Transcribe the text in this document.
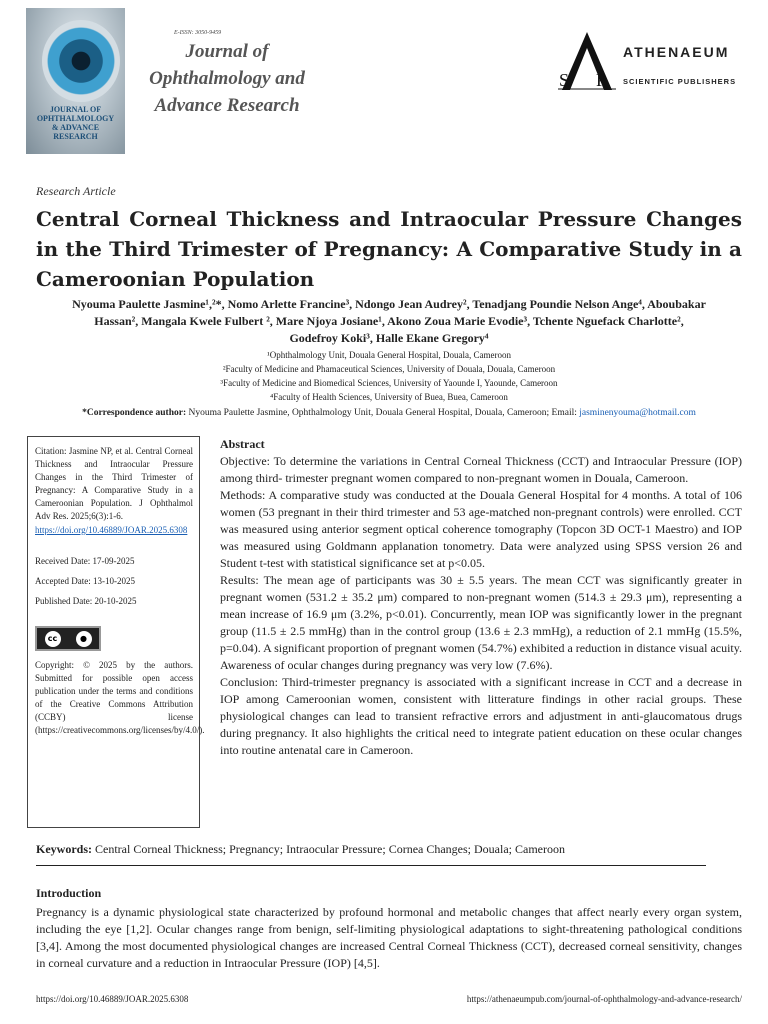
JOURNAL OF
OPHTHALMOLOGY
& ADVANCE
RESEARCH
E-ISSN: 3050-9459
Journal of
Ophthalmology and
Advance Research
S P
ATHENAEUM
SCIENTIFIC PUBLISHERS
Research Article
Central Corneal Thickness and Intraocular Pressure Changes in the Third Trimester of Pregnancy: A Comparative Study in a Cameroonian Population
Nyouma Paulette Jasmine¹,²*, Nomo Arlette Francine³, Ndongo Jean Audrey², Tenadjang Poundie Nelson Ange⁴, Aboubakar
Hassan², Mangala Kwele Fulbert ², Mare Njoya Josiane¹, Akono Zoua Marie Evodie³, Tchente Nguefack Charlotte²,
Godefroy Koki³, Halle Ekane Gregory⁴
¹Ophthalmology Unit, Douala General Hospital, Douala, Cameroon
²Faculty of Medicine and Phamaceutical Sciences, University of Douala, Douala, Cameroon
³Faculty of Medicine and Biomedical Sciences, University of Yaounde I, Yaounde, Cameroon
⁴Faculty of Health Sciences, University of Buea, Buea, Cameroon
*Correspondence author: Nyouma Paulette Jasmine, Ophthalmology Unit, Douala General Hospital, Douala, Cameroon; Email: jasminenyouma@hotmail.com
Citation: Jasmine NP, et al. Central Corneal Thickness and Intraocular Pressure Changes in the Third Trimester of Pregnancy: A Comparative Study in a Cameroonian Population. J Ophthalmol Adv Res. 2025;6(3):1-6.
https://doi.org/10.46889/JOAR.2025.6308
Received Date: 17-09-2025
Accepted Date: 13-10-2025
Published Date: 20-10-2025
cc	●
Copyright: © 2025 by the authors. Submitted for possible open access publication under the terms and conditions of the Creative Commons Attribution (CCBY) license (https://creativecommons.org/licenses/by/4.0/).
Abstract

Objective: To determine the variations in Central Corneal Thickness (CCT) and Intraocular Pressure (IOP) among third- trimester pregnant women compared to non-pregnant women in Douala, Cameroon.

Methods: A comparative study was conducted at the Douala General Hospital for 4 months. A total of 106 women (53 pregnant in their third trimester and 53 age-matched non-pregnant controls) were enrolled. CCT was measured using anterior segment optical coherence tomography (Topcon 3D OCT-1 Maestro) and IOP was measured using Goldmann applanation tonometry. Data were analyzed using SPSS version 26 and Student t-test with statistical significance set at p<0.05.

Results: The mean age of participants was 30 ± 5.5 years. The mean CCT was significantly greater in pregnant women (531.2 ± 35.2 μm) compared to non-pregnant women (514.3 ± 29.3 μm), representing a mean increase of 16.9 μm (3.2%, p<0.01). Concurrently, mean IOP was significantly lower in the pregnant group (11.5 ± 2.5 mmHg) than in the control group (13.6 ± 2.3 mmHg), a reduction of 2.1 mmHg (15.5%, p=0.04). A significant proportion of pregnant women (54.7%) exhibited a reduction in distance visual acuity. Awareness of ocular changes during pregnancy was very low (7.6%).

Conclusion: Third-trimester pregnancy is associated with a significant increase in CCT and a decrease in IOP among Cameroonian women, consistent with litterature findings in other racial groups. These physiological changes can lead to transient refractive errors and adjustment in anti-glaucomatous drugs during pregnancy. It also highlights the critical need to integrate patient education on these ocular changes into routine antenatal care in Cameroon.

Keywords: Central Corneal Thickness; Pregnancy; Intraocular Pressure; Cornea Changes; Douala; Cameroon
Introduction
Pregnancy is a dynamic physiological state characterized by profound hormonal and metabolic changes that affect nearly every organ system, including the eye [1,2]. Ocular changes range from benign, self-limiting physiological adaptations to sight-threatening pathological conditions [3,4]. Among the most documented physiological changes are increased Central Corneal Thickness (CCT), decreased corneal sensitivity, changes in corneal curvature and a reduction in Intraocular Pressure (IOP) [4,5].
https://doi.org/10.46889/JOAR.2025.6308	https://athenaeumpub.com/journal-of-ophthalmology-and-advance-research/
